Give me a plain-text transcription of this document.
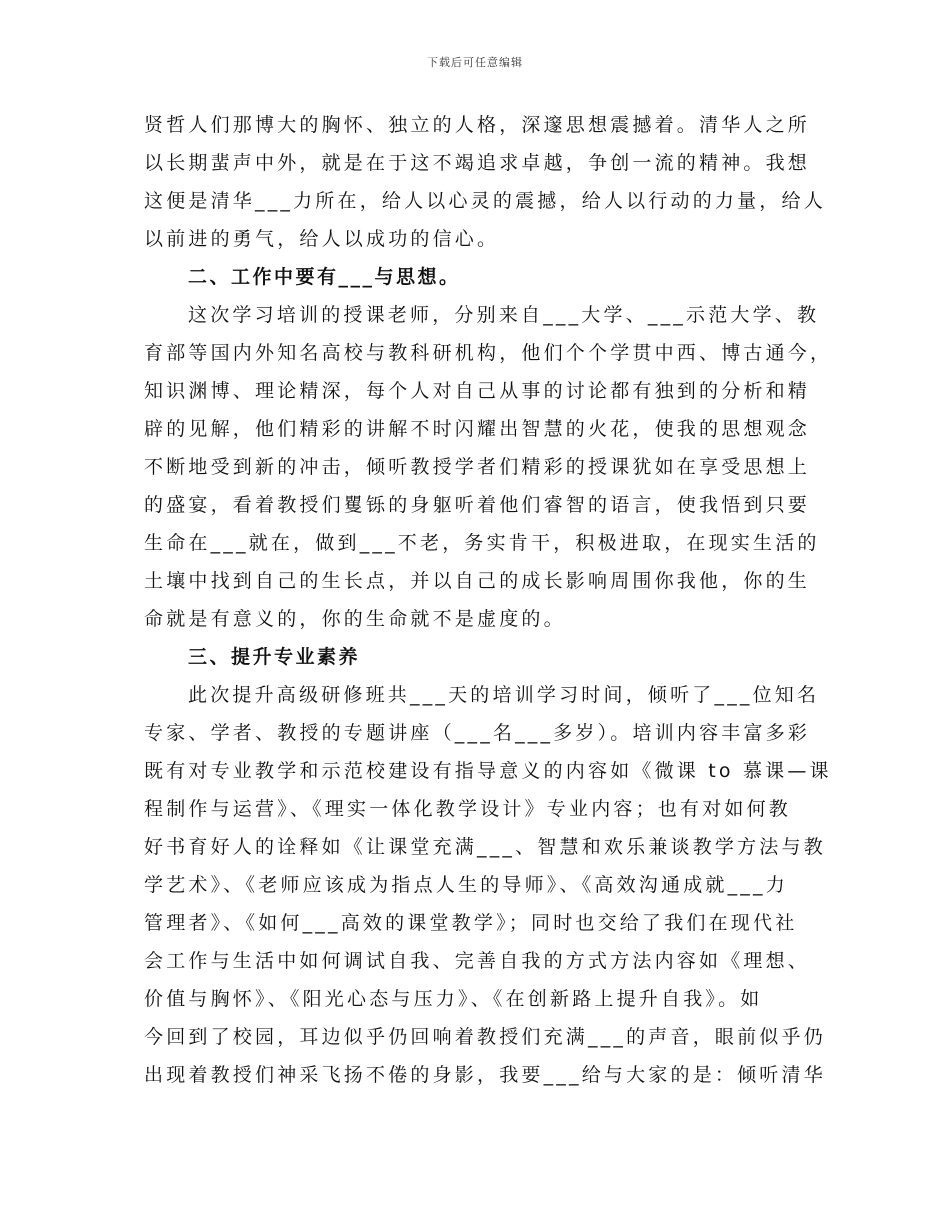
下载后可任意编辑
贤哲人们那博大的胸怀、独立的人格，深邃思想震撼着。清华人之所
以长期蜚声中外，就是在于这不竭追求卓越，争创一流的精神。我想
这便是清华___力所在，给人以心灵的震撼，给人以行动的力量，给人
以前进的勇气，给人以成功的信心。
二、工作中要有___与思想。
这次学习培训的授课老师，分别来自___大学、___示范大学、教
育部等国内外知名高校与教科研机构，他们个个学贯中西、博古通今，
知识渊博、理论精深，每个人对自己从事的讨论都有独到的分析和精
辟的见解，他们精彩的讲解不时闪耀出智慧的火花，使我的思想观念
不断地受到新的冲击，倾听教授学者们精彩的授课犹如在享受思想上
的盛宴，看着教授们矍铄的身躯听着他们睿智的语言，使我悟到只要
生命在___就在，做到___不老，务实肯干，积极进取，在现实生活的
土壤中找到自己的生长点，并以自己的成长影响周围你我他，你的生
命就是有意义的，你的生命就不是虚度的。
三、提升专业素养
此次提升高级研修班共___天的培训学习时间，倾听了___位知名
专家、学者、教授的专题讲座（___名___多岁）。培训内容丰富多彩
既有对专业教学和示范校建设有指导意义的内容如《微课 to 慕课—课
程制作与运营》、《理实一体化教学设计》专业内容；也有对如何教
好书育好人的诠释如《让课堂充满___、智慧和欢乐兼谈教学方法与教
学艺术》、《老师应该成为指点人生的导师》、《高效沟通成就___力
管理者》、《如何___高效的课堂教学》；同时也交给了我们在现代社
会工作与生活中如何调试自我、完善自我的方式方法内容如《理想、
价值与胸怀》、《阳光心态与压力》、《在创新路上提升自我》。如
今回到了校园，耳边似乎仍回响着教授们充满___的声音，眼前似乎仍
出现着教授们神采飞扬不倦的身影，我要___给与大家的是：倾听清华
